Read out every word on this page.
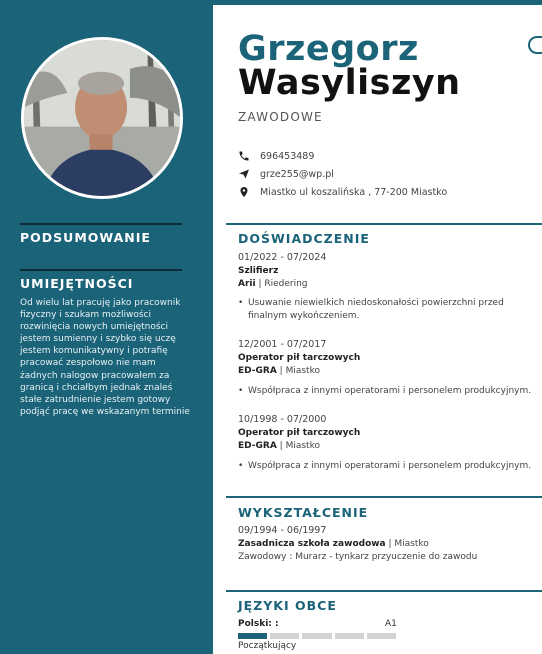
PODSUMOWANIE
UMIEJĘTNOŚCI
Od wielu lat pracuję jako pracownik fizyczny i szukam możliwości rozwinięcia nowych umiejętności jestem sumienny i szybko się uczę jestem komunikatywny i potrafię pracować zespołowo nie mam żadnych nalogow pracowałem za granicą i chciałbym jednak znaleś stałe zatrudnienie jestem gotowy podjąć pracę we wskazanym terminie
Grzegorz
Wasyliszyn
ZAWODOWE
696453489
grze255@wp.pl
Miastko ul koszalińska , 77-200 Miastko
DOŚWIADCZENIE
01/2022 - 07/2024
Szlifierz
Arii | Riedering
• Usuwanie niewielkich niedoskonałości powierzchni przed finalnym wykończeniem.
12/2001 - 07/2017
Operator pił tarczowych
ED-GRA | Miastko
• Współpraca z innymi operatorami i personelem produkcyjnym.
10/1998 - 07/2000
Operator pił tarczowych
ED-GRA | Miastko
• Współpraca z innymi operatorami i personelem produkcyjnym.
WYKSZTAŁCENIE
09/1994 - 06/1997
Zasadnicza szkoła zawodowa | Miastko
Zawodowy : Murarz - tynkarz przyuczenie do zawodu
JĘZYKI OBCE
Polski: :	A1
Początkujący
